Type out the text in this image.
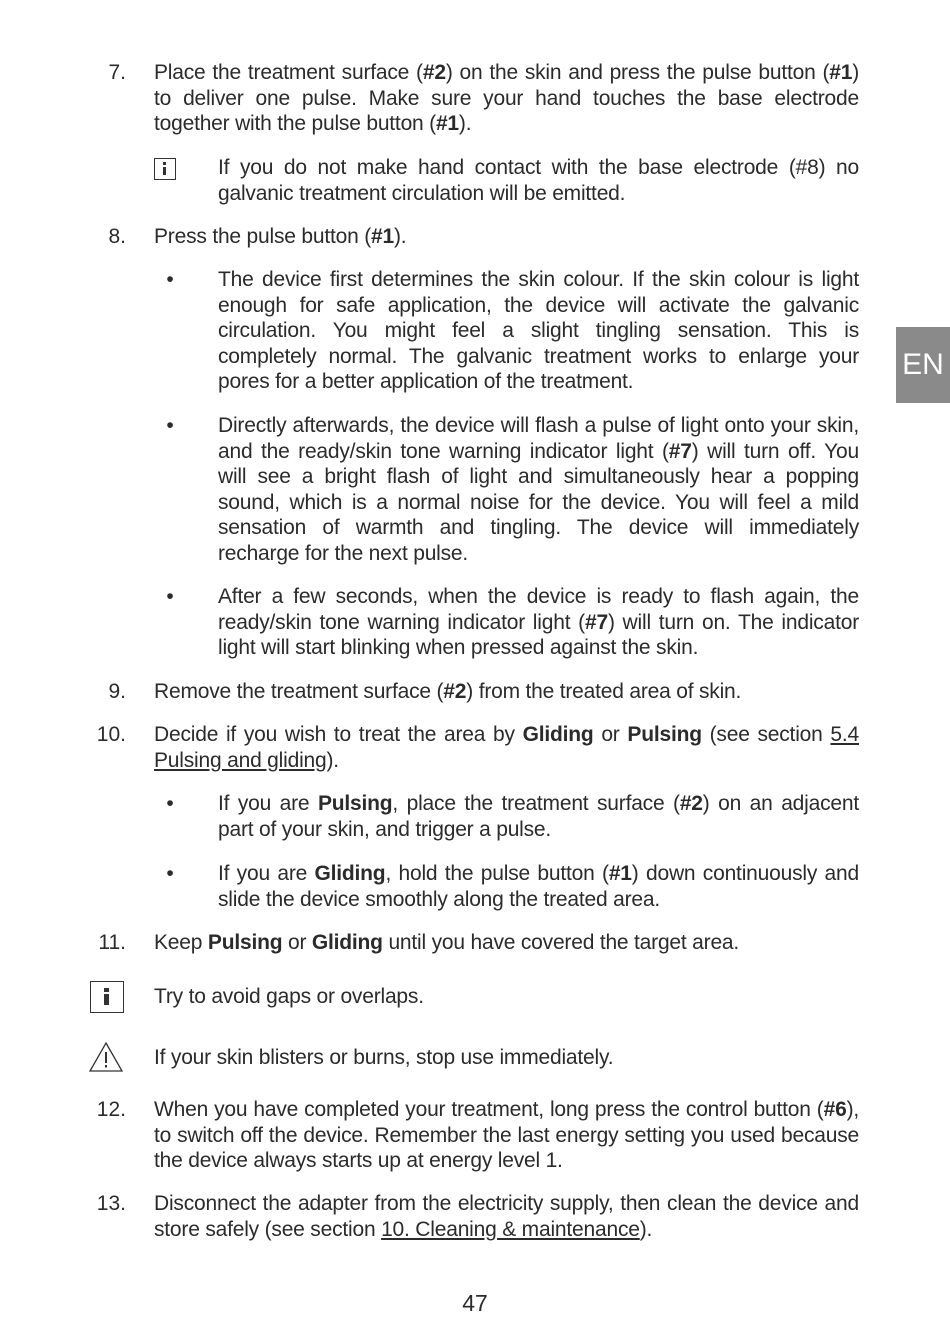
7. Place the treatment surface (#2) on the skin and press the pulse button (#1) to deliver one pulse. Make sure your hand touches the base electrode together with the pulse button (#1).
If you do not make hand contact with the base electrode (#8) no galvanic treatment circulation will be emitted.
8. Press the pulse button (#1).
• The device first determines the skin colour. If the skin colour is light enough for safe application, the device will activate the galvanic circulation. You might feel a slight tingling sensation. This is completely normal. The galvanic treatment works to enlarge your pores for a better application of the treatment.
• Directly afterwards, the device will flash a pulse of light onto your skin, and the ready/skin tone warning indicator light (#7) will turn off. You will see a bright flash of light and simultaneously hear a popping sound, which is a normal noise for the device. You will feel a mild sensation of warmth and tingling. The device will immediately recharge for the next pulse.
• After a few seconds, when the device is ready to flash again, the ready/skin tone warning indicator light (#7) will turn on. The indicator light will start blinking when pressed against the skin.
9. Remove the treatment surface (#2) from the treated area of skin.
10. Decide if you wish to treat the area by Gliding or Pulsing (see section 5.4 Pulsing and gliding).
• If you are Pulsing, place the treatment surface (#2) on an adjacent part of your skin, and trigger a pulse.
• If you are Gliding, hold the pulse button (#1) down continuously and slide the device smoothly along the treated area.
11. Keep Pulsing or Gliding until you have covered the target area.
Try to avoid gaps or overlaps.
If your skin blisters or burns, stop use immediately.
12. When you have completed your treatment, long press the control button (#6), to switch off the device. Remember the last energy setting you used because the device always starts up at energy level 1.
13. Disconnect the adapter from the electricity supply, then clean the device and store safely (see section 10. Cleaning & maintenance).
EN
47
